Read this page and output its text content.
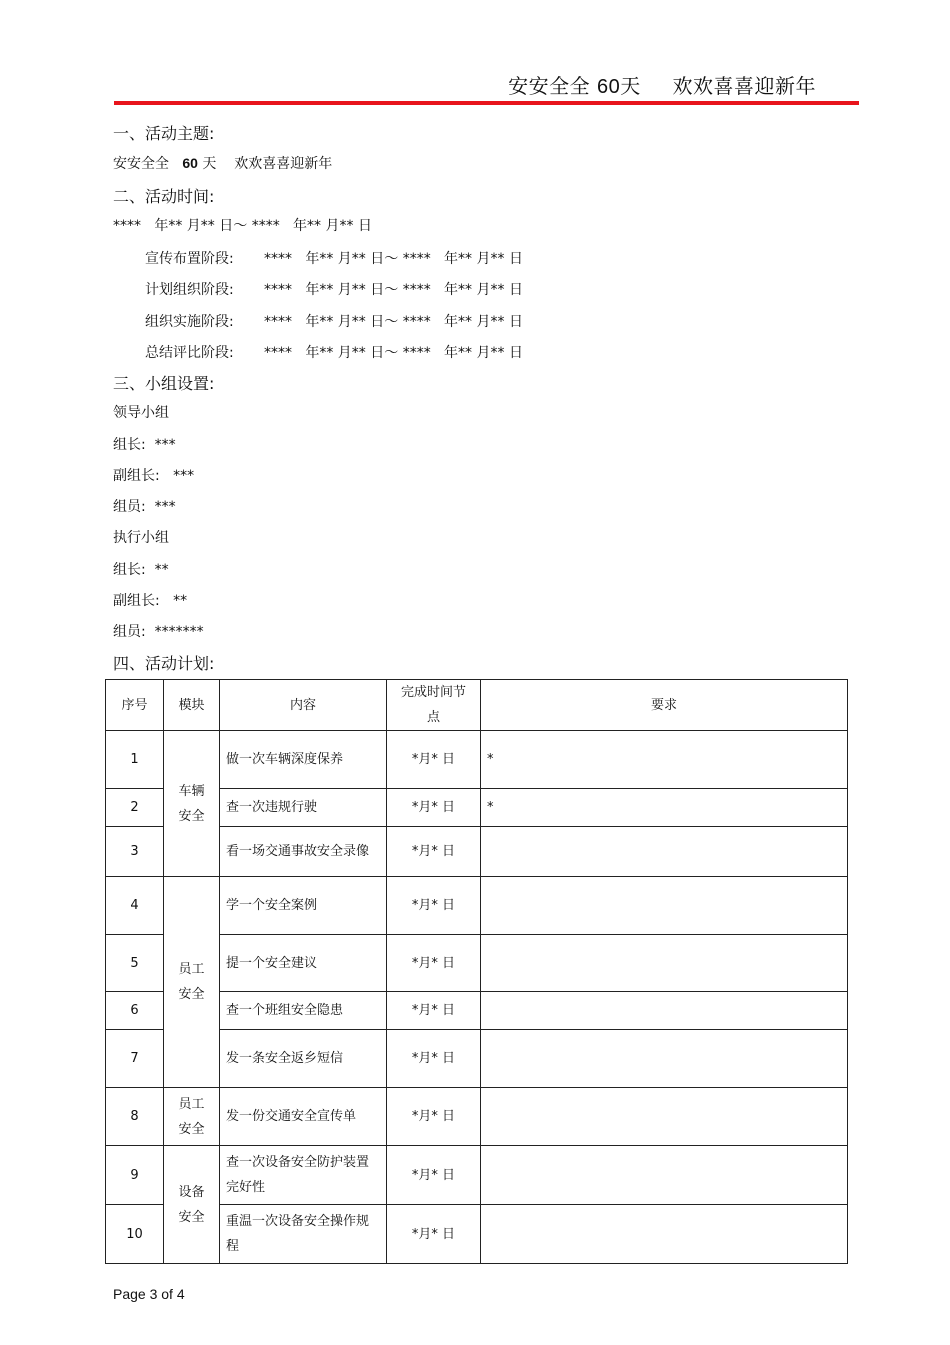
安安全全 60天 欢欢喜喜迎新年
一、活动主题:
安安全全 60 天    欢欢喜喜迎新年
二、活动时间:
****   年** 月** 日～ ****   年** 月** 日
宣传布置阶段: ****   年** 月** 日～ ****   年** 月** 日
计划组织阶段: ****   年** 月** 日～ ****   年** 月** 日
组织实施阶段: ****   年** 月** 日～ ****   年** 月** 日
总结评比阶段: ****   年** 月** 日～ ****   年** 月** 日
三、小组设置:
领导小组
组长:  ***
副组长:   ***
组员:  ***
执行小组
组长:  **
副组长:   **
组员:  *******
四、活动计划:
序号	模块	内容	完成时间节点	要求
1	车辆安全	做一次车辆深度保养	*月* 日	*
2		查一次违规行驶	*月* 日	*
3		看一场交通事故安全录像	*月* 日	
4	员工安全	学一个安全案例	*月* 日	
5		提一个安全建议	*月* 日	
6		查一个班组安全隐患	*月* 日	
7		发一条安全返乡短信	*月* 日	
8	员工安全	发一份交通安全宣传单	*月* 日	
9	设备安全	查一次设备安全防护装置完好性	*月* 日	
10		重温一次设备安全操作规程	*月* 日	
Page 3 of 4
